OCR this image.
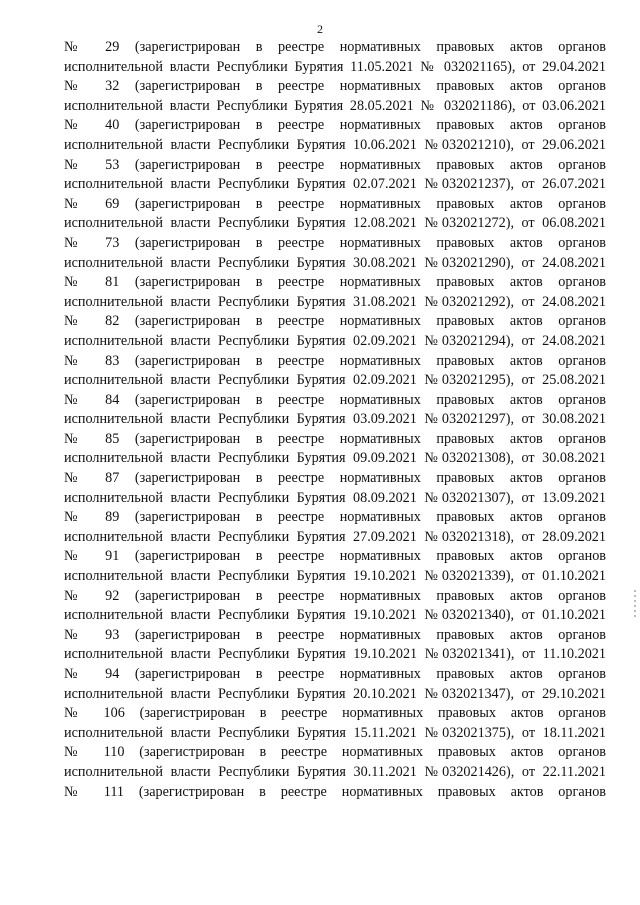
2
№ 29 (зарегистрирован в реестре нормативных правовых актов органов
исполнительной власти Республики Бурятия 11.05.2021 № 032021165), от 29.04.2021
№ 32 (зарегистрирован в реестре нормативных правовых актов органов
исполнительной власти Республики Бурятия 28.05.2021 № 032021186), от 03.06.2021
№ 40 (зарегистрирован в реестре нормативных правовых актов органов
исполнительной власти Республики Бурятия 10.06.2021 №032021210), от 29.06.2021
№ 53 (зарегистрирован в реестре нормативных правовых актов органов
исполнительной власти Республики Бурятия 02.07.2021 №032021237), от 26.07.2021
№ 69 (зарегистрирован в реестре нормативных правовых актов органов
исполнительной власти Республики Бурятия 12.08.2021 №032021272), от 06.08.2021
№ 73 (зарегистрирован в реестре нормативных правовых актов органов
исполнительной власти Республики Бурятия 30.08.2021 №032021290), от 24.08.2021
№ 81 (зарегистрирован в реестре нормативных правовых актов органов
исполнительной власти Республики Бурятия 31.08.2021 №032021292), от 24.08.2021
№ 82 (зарегистрирован в реестре нормативных правовых актов органов
исполнительной власти Республики Бурятия 02.09.2021 №032021294), от 24.08.2021
№ 83 (зарегистрирован в реестре нормативных правовых актов органов
исполнительной власти Республики Бурятия 02.09.2021 №032021295), от 25.08.2021
№ 84 (зарегистрирован в реестре нормативных правовых актов органов
исполнительной власти Республики Бурятия 03.09.2021 №032021297), от 30.08.2021
№ 85 (зарегистрирован в реестре нормативных правовых актов органов
исполнительной власти Республики Бурятия 09.09.2021 №032021308), от 30.08.2021
№ 87 (зарегистрирован в реестре нормативных правовых актов органов
исполнительной власти Республики Бурятия 08.09.2021 №032021307), от 13.09.2021
№ 89 (зарегистрирован в реестре нормативных правовых актов органов
исполнительной власти Республики Бурятия 27.09.2021 №032021318), от 28.09.2021
№ 91 (зарегистрирован в реестре нормативных правовых актов органов
исполнительной власти Республики Бурятия 19.10.2021 №032021339), от 01.10.2021
№ 92 (зарегистрирован в реестре нормативных правовых актов органов
исполнительной власти Республики Бурятия 19.10.2021 №032021340), от 01.10.2021
№ 93 (зарегистрирован в реестре нормативных правовых актов органов
исполнительной власти Республики Бурятия 19.10.2021 №032021341), от 11.10.2021
№ 94 (зарегистрирован в реестре нормативных правовых актов органов
исполнительной власти Республики Бурятия 20.10.2021 №032021347), от 29.10.2021
№ 106 (зарегистрирован в реестре нормативных правовых актов органов
исполнительной власти Республики Бурятия 15.11.2021 №032021375), от 18.11.2021
№ 110 (зарегистрирован в реестре нормативных правовых актов органов
исполнительной власти Республики Бурятия 30.11.2021 №032021426), от 22.11.2021
№ 111 (зарегистрирован в реестре нормативных правовых актов органов
